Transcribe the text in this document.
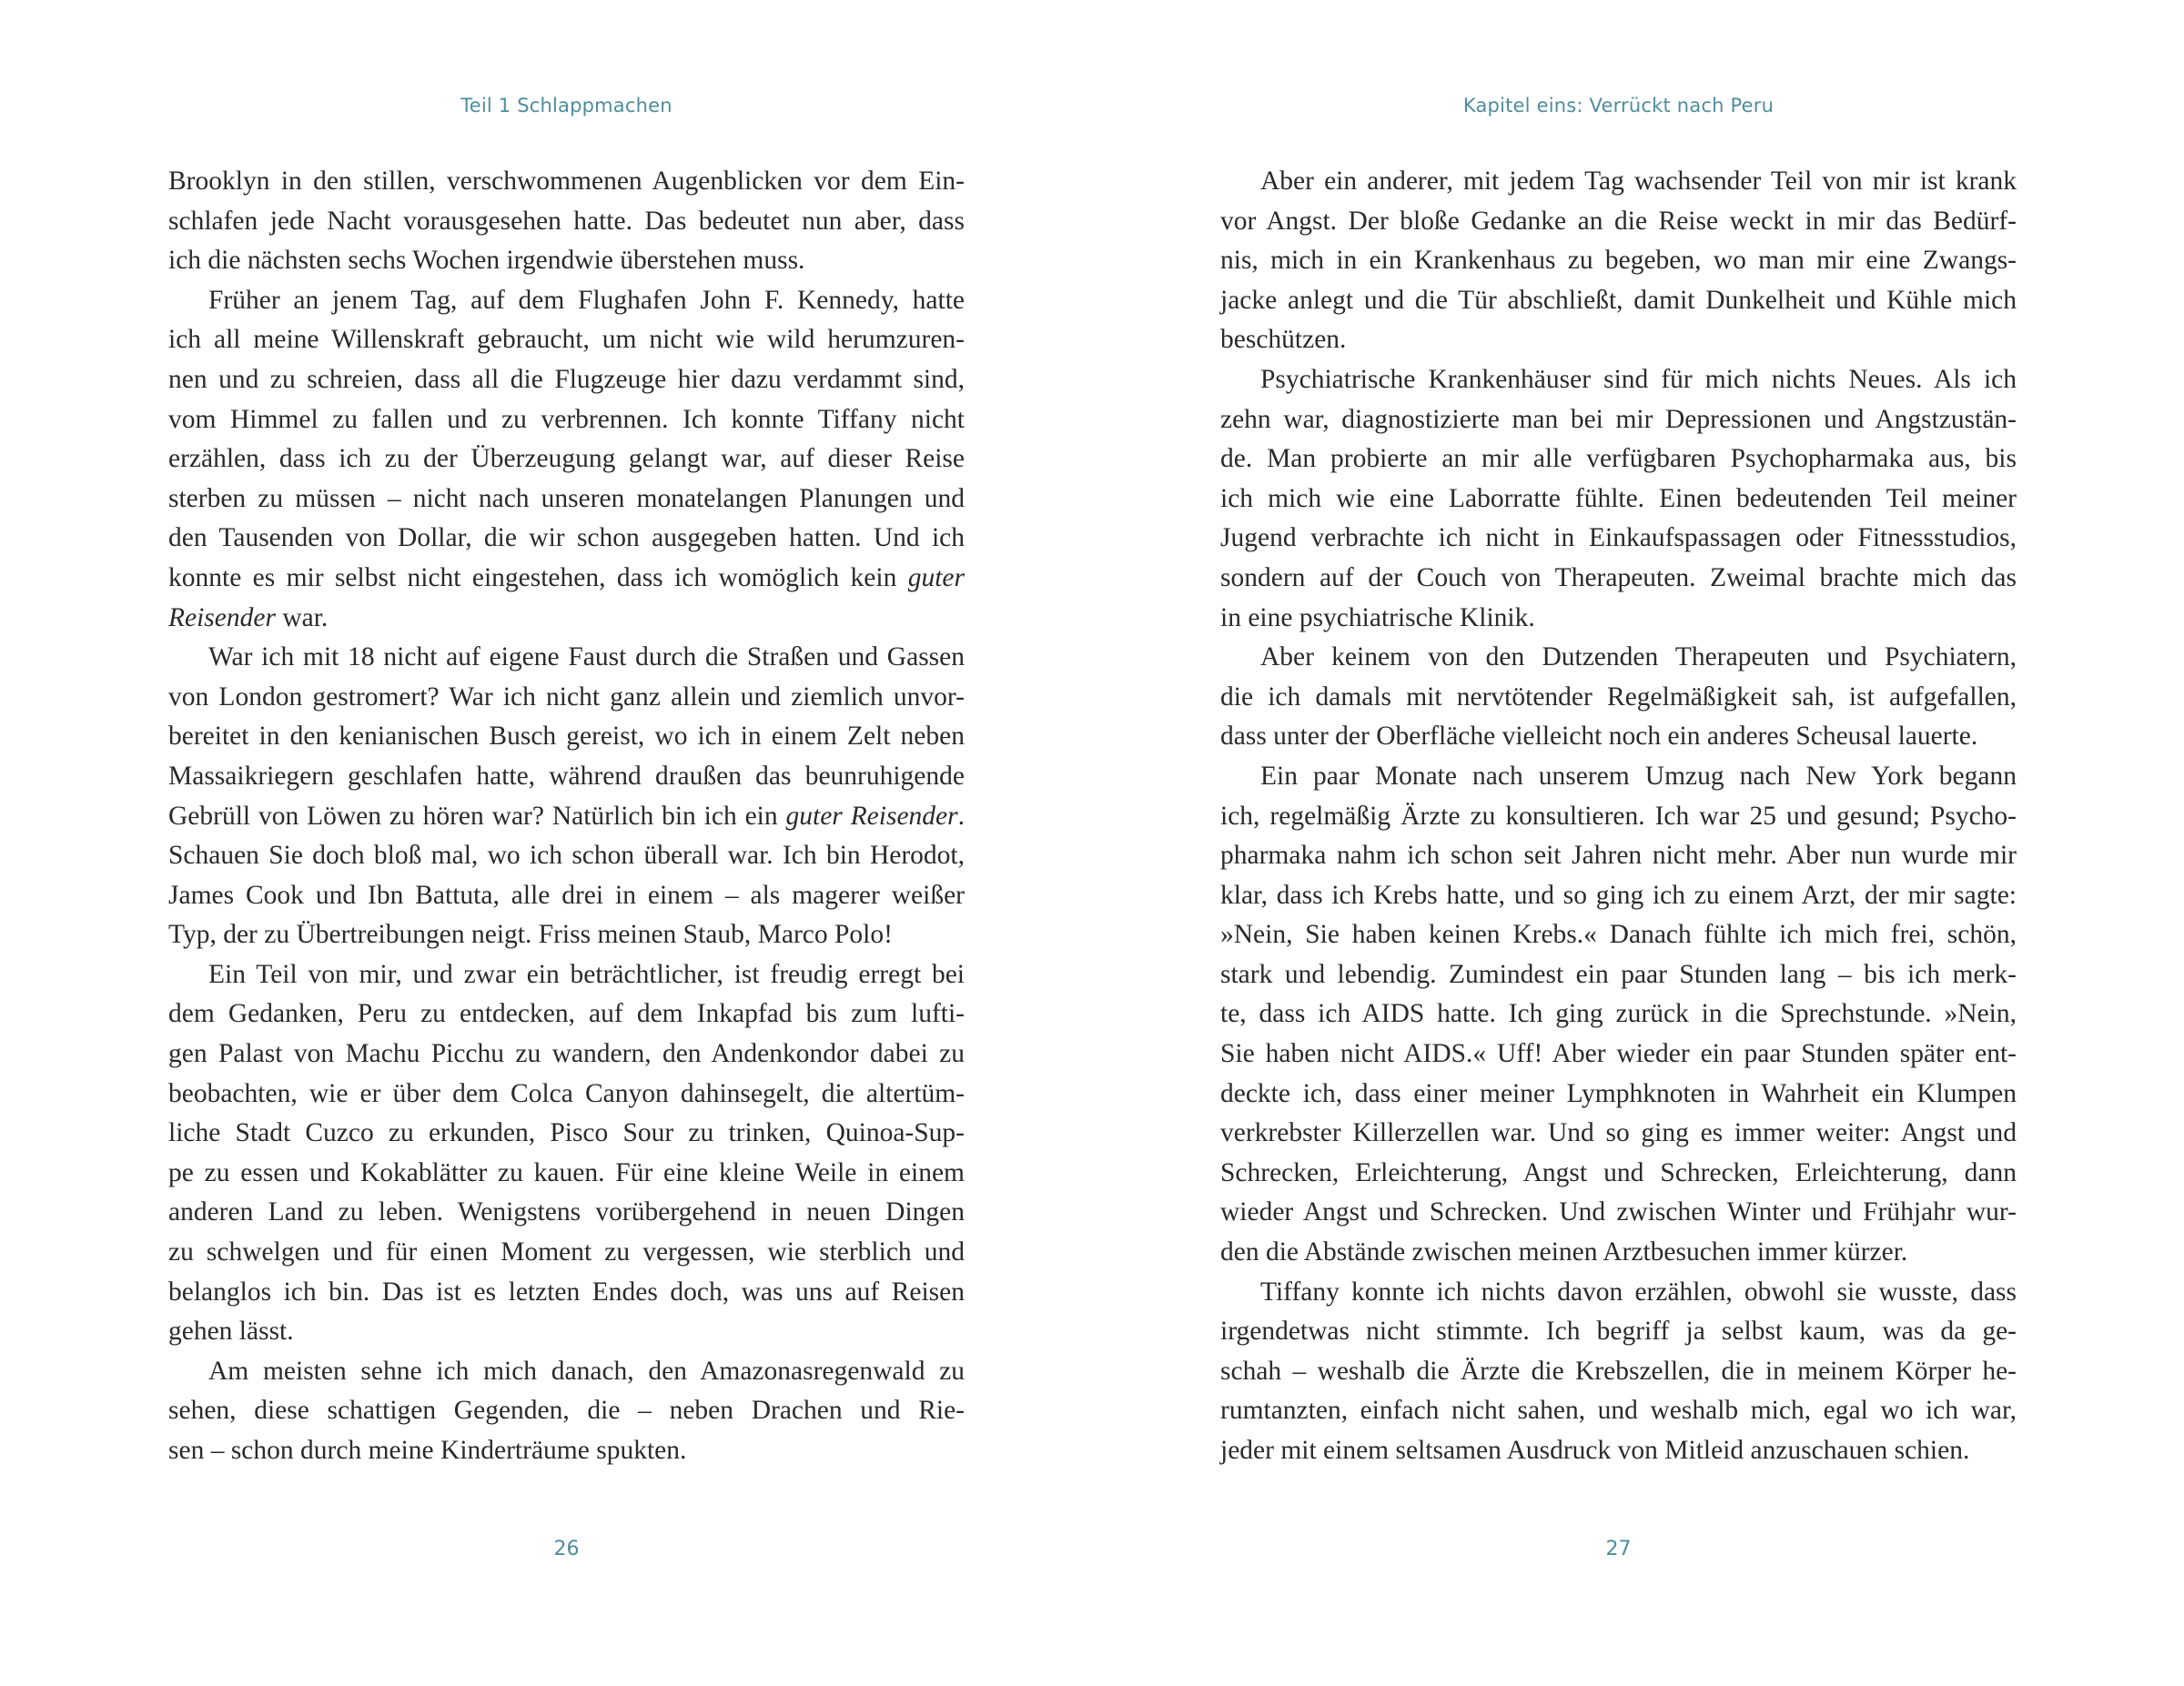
Teil 1 Schlappmachen
Brooklyn in den stillen, verschwommenen Augenblicken vor dem Ein-
schlafen jede Nacht vorausgesehen hatte. Das bedeutet nun aber, dass
ich die nächsten sechs Wochen irgendwie überstehen muss.
Früher an jenem Tag, auf dem Flughafen John F. Kennedy, hatte
ich all meine Willenskraft gebraucht, um nicht wie wild herumzuren-
nen und zu schreien, dass all die Flugzeuge hier dazu verdammt sind,
vom Himmel zu fallen und zu verbrennen. Ich konnte Tiffany nicht
erzählen, dass ich zu der Überzeugung gelangt war, auf dieser Reise
sterben zu müssen – nicht nach unseren monatelangen Planungen und
den Tausenden von Dollar, die wir schon ausgegeben hatten. Und ich
konnte es mir selbst nicht eingestehen, dass ich womöglich kein guter
Reisender war.
War ich mit 18 nicht auf eigene Faust durch die Straßen und Gassen
von London gestromert? War ich nicht ganz allein und ziemlich unvor-
bereitet in den kenianischen Busch gereist, wo ich in einem Zelt neben
Massaikriegern geschlafen hatte, während draußen das beunruhigende
Gebrüll von Löwen zu hören war? Natürlich bin ich ein guter Reisender.
Schauen Sie doch bloß mal, wo ich schon überall war. Ich bin Herodot,
James Cook und Ibn Battuta, alle drei in einem – als magerer weißer
Typ, der zu Übertreibungen neigt. Friss meinen Staub, Marco Polo!
Ein Teil von mir, und zwar ein beträchtlicher, ist freudig erregt bei
dem Gedanken, Peru zu entdecken, auf dem Inkapfad bis zum lufti-
gen Palast von Machu Picchu zu wandern, den Andenkondor dabei zu
beobachten, wie er über dem Colca Canyon dahinsegelt, die altertüm-
liche Stadt Cuzco zu erkunden, Pisco Sour zu trinken, Quinoa-Sup-
pe zu essen und Kokablätter zu kauen. Für eine kleine Weile in einem
anderen Land zu leben. Wenigstens vorübergehend in neuen Dingen
zu schwelgen und für einen Moment zu vergessen, wie sterblich und
belanglos ich bin. Das ist es letzten Endes doch, was uns auf Reisen
gehen lässt.
Am meisten sehne ich mich danach, den Amazonasregenwald zu
sehen, diese schattigen Gegenden, die – neben Drachen und Rie-
sen – schon durch meine Kinderträume spukten.
26
Kapitel eins: Verrückt nach Peru
Aber ein anderer, mit jedem Tag wachsender Teil von mir ist krank
vor Angst. Der bloße Gedanke an die Reise weckt in mir das Bedürf-
nis, mich in ein Krankenhaus zu begeben, wo man mir eine Zwangs-
jacke anlegt und die Tür abschließt, damit Dunkelheit und Kühle mich
beschützen.
Psychiatrische Krankenhäuser sind für mich nichts Neues. Als ich
zehn war, diagnostizierte man bei mir Depressionen und Angstzustän-
de. Man probierte an mir alle verfügbaren Psychopharmaka aus, bis
ich mich wie eine Laborratte fühlte. Einen bedeutenden Teil meiner
Jugend verbrachte ich nicht in Einkaufspassagen oder Fitnessstudios,
sondern auf der Couch von Therapeuten. Zweimal brachte mich das
in eine psychiatrische Klinik.
Aber keinem von den Dutzenden Therapeuten und Psychiatern,
die ich damals mit nervtötender Regelmäßigkeit sah, ist aufgefallen,
dass unter der Oberfläche vielleicht noch ein anderes Scheusal lauerte.
Ein paar Monate nach unserem Umzug nach New York begann
ich, regelmäßig Ärzte zu konsultieren. Ich war 25 und gesund; Psycho-
pharmaka nahm ich schon seit Jahren nicht mehr. Aber nun wurde mir
klar, dass ich Krebs hatte, und so ging ich zu einem Arzt, der mir sagte:
»Nein, Sie haben keinen Krebs.« Danach fühlte ich mich frei, schön,
stark und lebendig. Zumindest ein paar Stunden lang – bis ich merk-
te, dass ich AIDS hatte. Ich ging zurück in die Sprechstunde. »Nein,
Sie haben nicht AIDS.« Uff! Aber wieder ein paar Stunden später ent-
deckte ich, dass einer meiner Lymphknoten in Wahrheit ein Klumpen
verkrebster Killerzellen war. Und so ging es immer weiter: Angst und
Schrecken, Erleichterung, Angst und Schrecken, Erleichterung, dann
wieder Angst und Schrecken. Und zwischen Winter und Frühjahr wur-
den die Abstände zwischen meinen Arztbesuchen immer kürzer.
Tiffany konnte ich nichts davon erzählen, obwohl sie wusste, dass
irgendetwas nicht stimmte. Ich begriff ja selbst kaum, was da ge-
schah – weshalb die Ärzte die Krebszellen, die in meinem Körper he-
rumtanzten, einfach nicht sahen, und weshalb mich, egal wo ich war,
jeder mit einem seltsamen Ausdruck von Mitleid anzuschauen schien.
27
